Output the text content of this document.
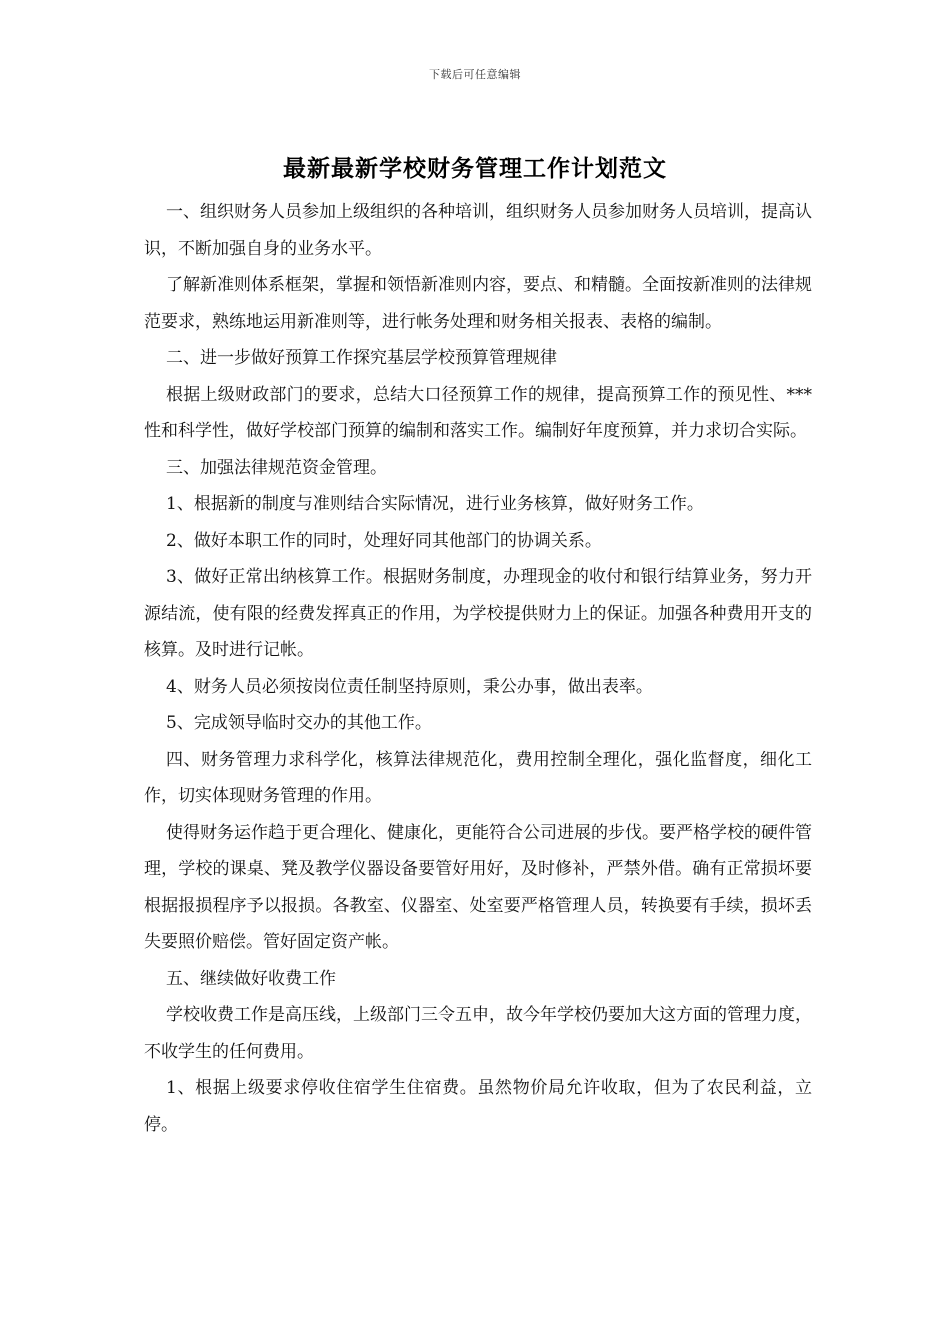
下载后可任意编辑
最新最新学校财务管理工作计划范文

一、组织财务人员参加上级组织的各种培训，组织财务人员参加财务人员培训，提高认识，不断加强自身的业务水平。

了解新准则体系框架，掌握和领悟新准则内容，要点、和精髓。全面按新准则的法律规范要求，熟练地运用新准则等，进行帐务处理和财务相关报表、表格的编制。

二、进一步做好预算工作探究基层学校预算管理规律

根据上级财政部门的要求，总结大口径预算工作的规律，提高预算工作的预见性、***性和科学性，做好学校部门预算的编制和落实工作。编制好年度预算，并力求切合实际。

三、加强法律规范资金管理。

1、根据新的制度与准则结合实际情况，进行业务核算，做好财务工作。

2、做好本职工作的同时，处理好同其他部门的协调关系。

3、做好正常出纳核算工作。根据财务制度，办理现金的收付和银行结算业务，努力开源结流，使有限的经费发挥真正的作用，为学校提供财力上的保证。加强各种费用开支的核算。及时进行记帐。

4、财务人员必须按岗位责任制坚持原则，秉公办事，做出表率。

5、完成领导临时交办的其他工作。

四、财务管理力求科学化，核算法律规范化，费用控制全理化，强化监督度，细化工作，切实体现财务管理的作用。

使得财务运作趋于更合理化、健康化，更能符合公司进展的步伐。要严格学校的硬件管理，学校的课桌、凳及教学仪器设备要管好用好，及时修补，严禁外借。确有正常损坏要根据报损程序予以报损。各教室、仪器室、处室要严格管理人员，转换要有手续，损坏丢失要照价赔偿。管好固定资产帐。

五、继续做好收费工作

学校收费工作是高压线，上级部门三令五申，故今年学校仍要加大这方面的管理力度，不收学生的任何费用。

1、根据上级要求停收住宿学生住宿费。虽然物价局允许收取，但为了农民利益，立停。
